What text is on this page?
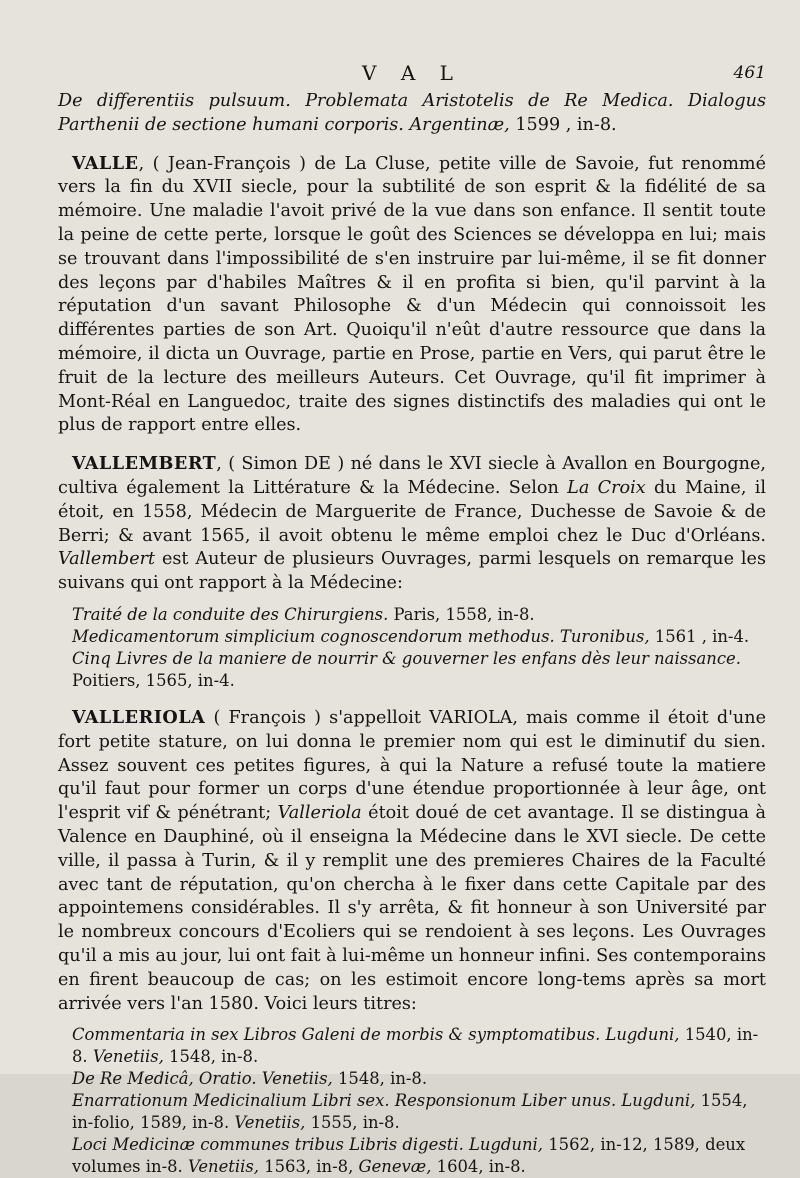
V A L	461

De differentiis pulsuum. Problemata Aristotelis de Re Medica. Dialogus Parthenii de sectione humani corporis. Argentinæ, 1599 , in-8.

VALLE, ( Jean-François ) de La Cluse, petite ville de Savoie, fut renommé vers la fin du XVII siecle, pour la subtilité de son esprit & la fidélité de sa mémoire. Une maladie l'avoit privé de la vue dans son enfance. Il sentit toute la peine de cette perte, lorsque le goût des Sciences se développa en lui; mais se trouvant dans l'impossibilité de s'en instruire par lui-même, il se fit donner des leçons par d'habiles Maîtres & il en profita si bien, qu'il parvint à la réputation d'un savant Philosophe & d'un Médecin qui connoissoit les différentes parties de son Art. Quoiqu'il n'eût d'autre ressource que dans la mémoire, il dicta un Ouvrage, partie en Prose, partie en Vers, qui parut être le fruit de la lecture des meilleurs Auteurs. Cet Ouvrage, qu'il fit imprimer à Mont-Réal en Languedoc, traite des signes distinctifs des maladies qui ont le plus de rapport entre elles.

VALLEMBERT, ( Simon DE ) né dans le XVI siecle à Avallon en Bourgogne, cultiva également la Littérature & la Médecine. Selon La Croix du Maine, il étoit, en 1558, Médecin de Marguerite de France, Duchesse de Savoie & de Berri; & avant 1565, il avoit obtenu le même emploi chez le Duc d'Orléans. Vallembert est Auteur de plusieurs Ouvrages, parmi lesquels on remarque les suivans qui ont rapport à la Médecine:

Traité de la conduite des Chirurgiens. Paris, 1558, in-8.

Medicamentorum simplicium cognoscendorum methodus. Turonibus, 1561 , in-4.

Cinq Livres de la maniere de nourrir & gouverner les enfans dès leur naissance. Poitiers, 1565, in-4.

VALLERIOLA ( François ) s'appelloit VARIOLA, mais comme il étoit d'une fort petite stature, on lui donna le premier nom qui est le diminutif du sien. Assez souvent ces petites figures, à qui la Nature a refusé toute la matiere qu'il faut pour former un corps d'une étendue proportionnée à leur âge, ont l'esprit vif & pénétrant; Valleriola étoit doué de cet avantage. Il se distingua à Valence en Dauphiné, où il enseigna la Médecine dans le XVI siecle. De cette ville, il passa à Turin, & il y remplit une des premieres Chaires de la Faculté avec tant de réputation, qu'on chercha à le fixer dans cette Capitale par des appointemens considérables. Il s'y arrêta, & fit honneur à son Université par le nombreux concours d'Ecoliers qui se rendoient à ses leçons. Les Ouvrages qu'il a mis au jour, lui ont fait à lui-même un honneur infini. Ses contemporains en firent beaucoup de cas; on les estimoit encore long-tems après sa mort arrivée vers l'an 1580. Voici leurs titres:

Commentaria in sex Libros Galeni de morbis & symptomatibus. Lugduni, 1540, in-8. Venetiis, 1548, in-8.

De Re Medicâ, Oratio. Venetiis, 1548, in-8.

Enarrationum Medicinalium Libri sex. Responsionum Liber unus. Lugduni, 1554, in-folio, 1589, in-8. Venetiis, 1555, in-8.

Loci Medicinæ communes tribus Libris digesti. Lugduni, 1562, in-12, 1589, deux volumes in-8. Venetiis, 1563, in-8, Genevæ, 1604, in-8.
